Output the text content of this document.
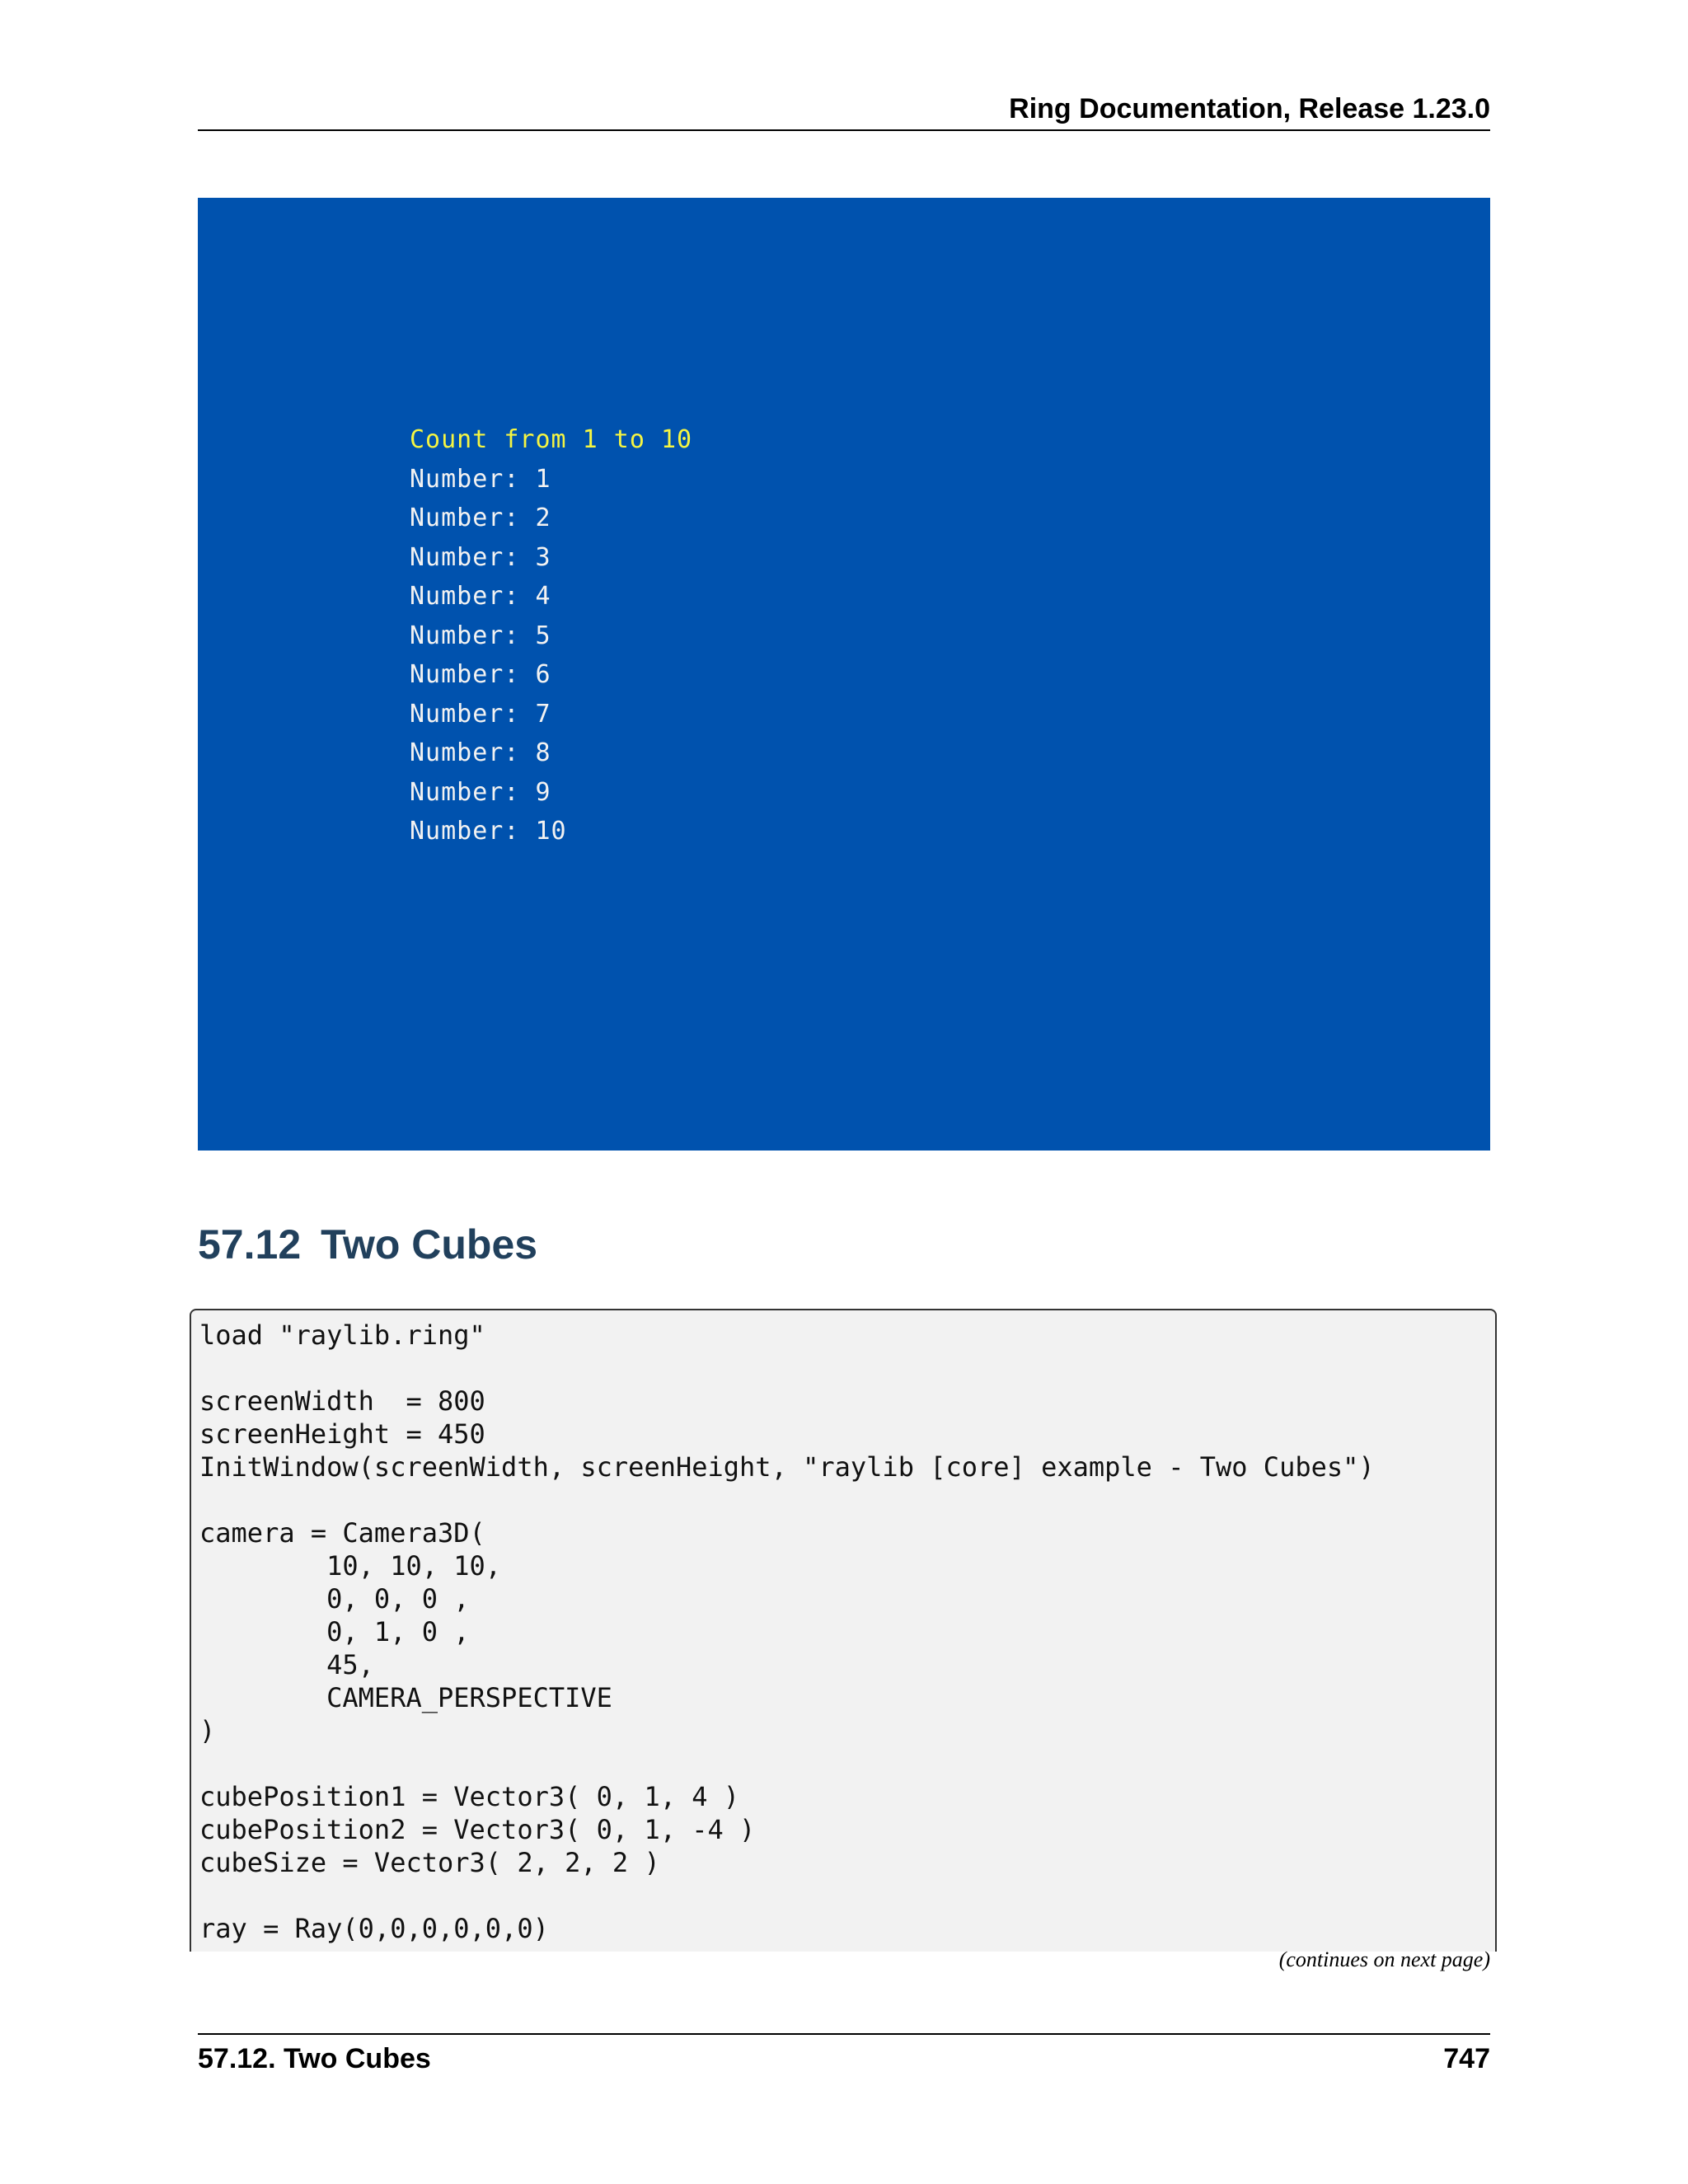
Ring Documentation, Release 1.23.0
Count from 1 to 10
Number: 1
Number: 2
Number: 3
Number: 4
Number: 5
Number: 6
Number: 7
Number: 8
Number: 9
Number: 10
57.12 Two Cubes
load "raylib.ring"

screenWidth  = 800
screenHeight = 450
InitWindow(screenWidth, screenHeight, "raylib [core] example - Two Cubes")

camera = Camera3D(
10, 10, 10,
0, 0, 0 ,
0, 1, 0 ,
45,
CAMERA_PERSPECTIVE
)

cubePosition1 = Vector3( 0, 1, 4 )
cubePosition2 = Vector3( 0, 1, -4 )
cubeSize = Vector3( 2, 2, 2 )

ray = Ray(0,0,0,0,0,0)
(continues on next page)
57.12. Two Cubes	747
